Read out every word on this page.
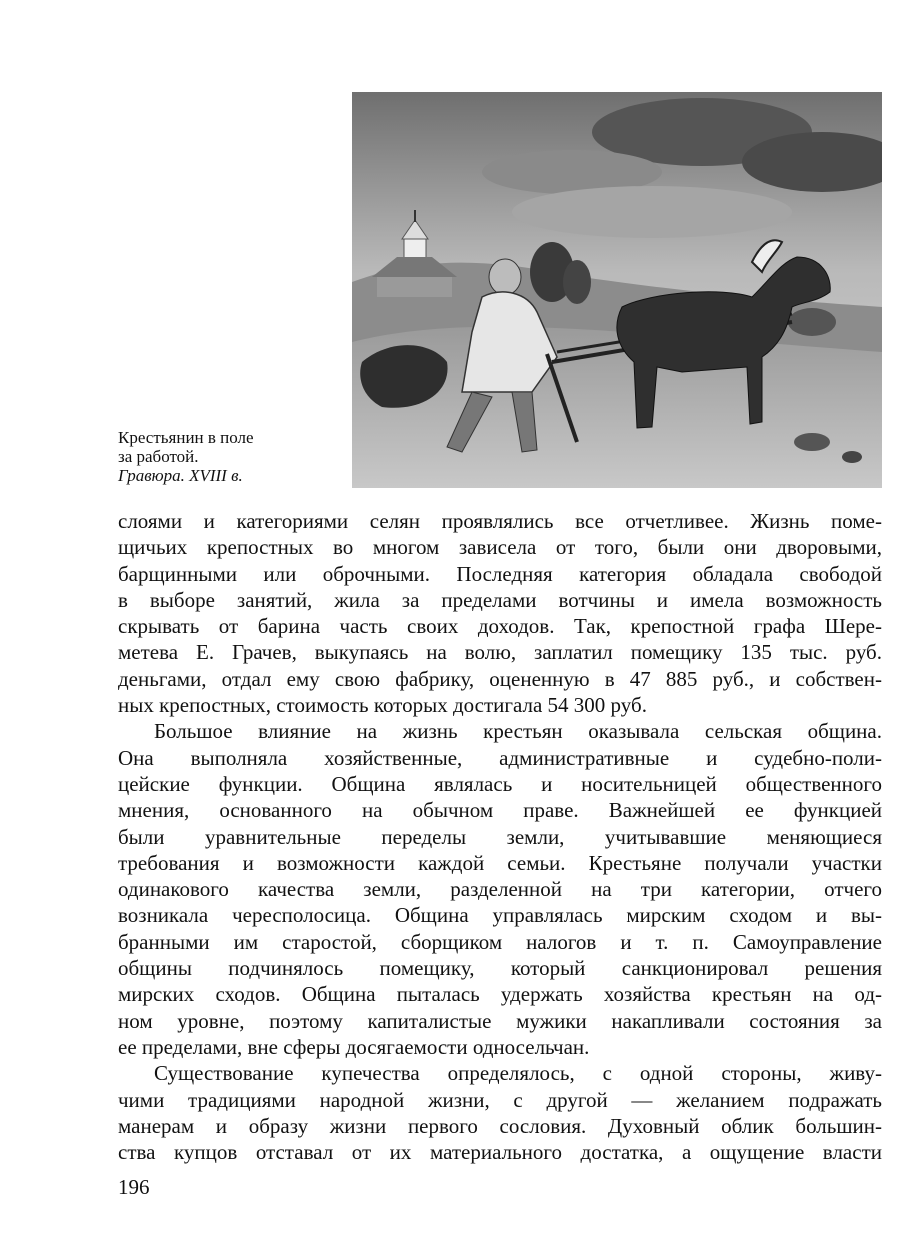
Крестьянин в поле
за работой.
Гравюра. XVIII в.

слоями и категориями селян проявлялись все отчетливее. Жизнь поме-
щичьих крепостных во многом зависела от того, были они дворовыми,
барщинными или оброчными. Последняя категория обладала свободой
в выборе занятий, жила за пределами вотчины и имела возможность
скрывать от барина часть своих доходов. Так, крепостной графа Шере-
метева Е. Грачев, выкупаясь на волю, заплатил помещику 135 тыс. руб.
деньгами, отдал ему свою фабрику, оцененную в 47 885 руб., и собствен-
ных крепостных, стоимость которых достигала 54 300 руб.

Большое влияние на жизнь крестьян оказывала сельская община.
Она выполняла хозяйственные, административные и судебно-поли-
цейские функции. Община являлась и носительницей общественного
мнения, основанного на обычном праве. Важнейшей ее функцией
были уравнительные переделы земли, учитывавшие меняющиеся
требования и возможности каждой семьи. Крестьяне получали участки
одинакового качества земли, разделенной на три категории, отчего
возникала чересполосица. Община управлялась мирским сходом и вы-
бранными им старостой, сборщиком налогов и т. п. Самоуправление
общины подчинялось помещику, который санкционировал решения
мирских сходов. Община пыталась удержать хозяйства крестьян на од-
ном уровне, поэтому капиталистые мужики накапливали состояния за
ее пределами, вне сферы досягаемости односельчан.

Существование купечества определялось, с одной стороны, живу-
чими традициями народной жизни, с другой — желанием подражать
манерам и образу жизни первого сословия. Духовный облик большин-
ства купцов отставал от их материального достатка, а ощущение власти

196
